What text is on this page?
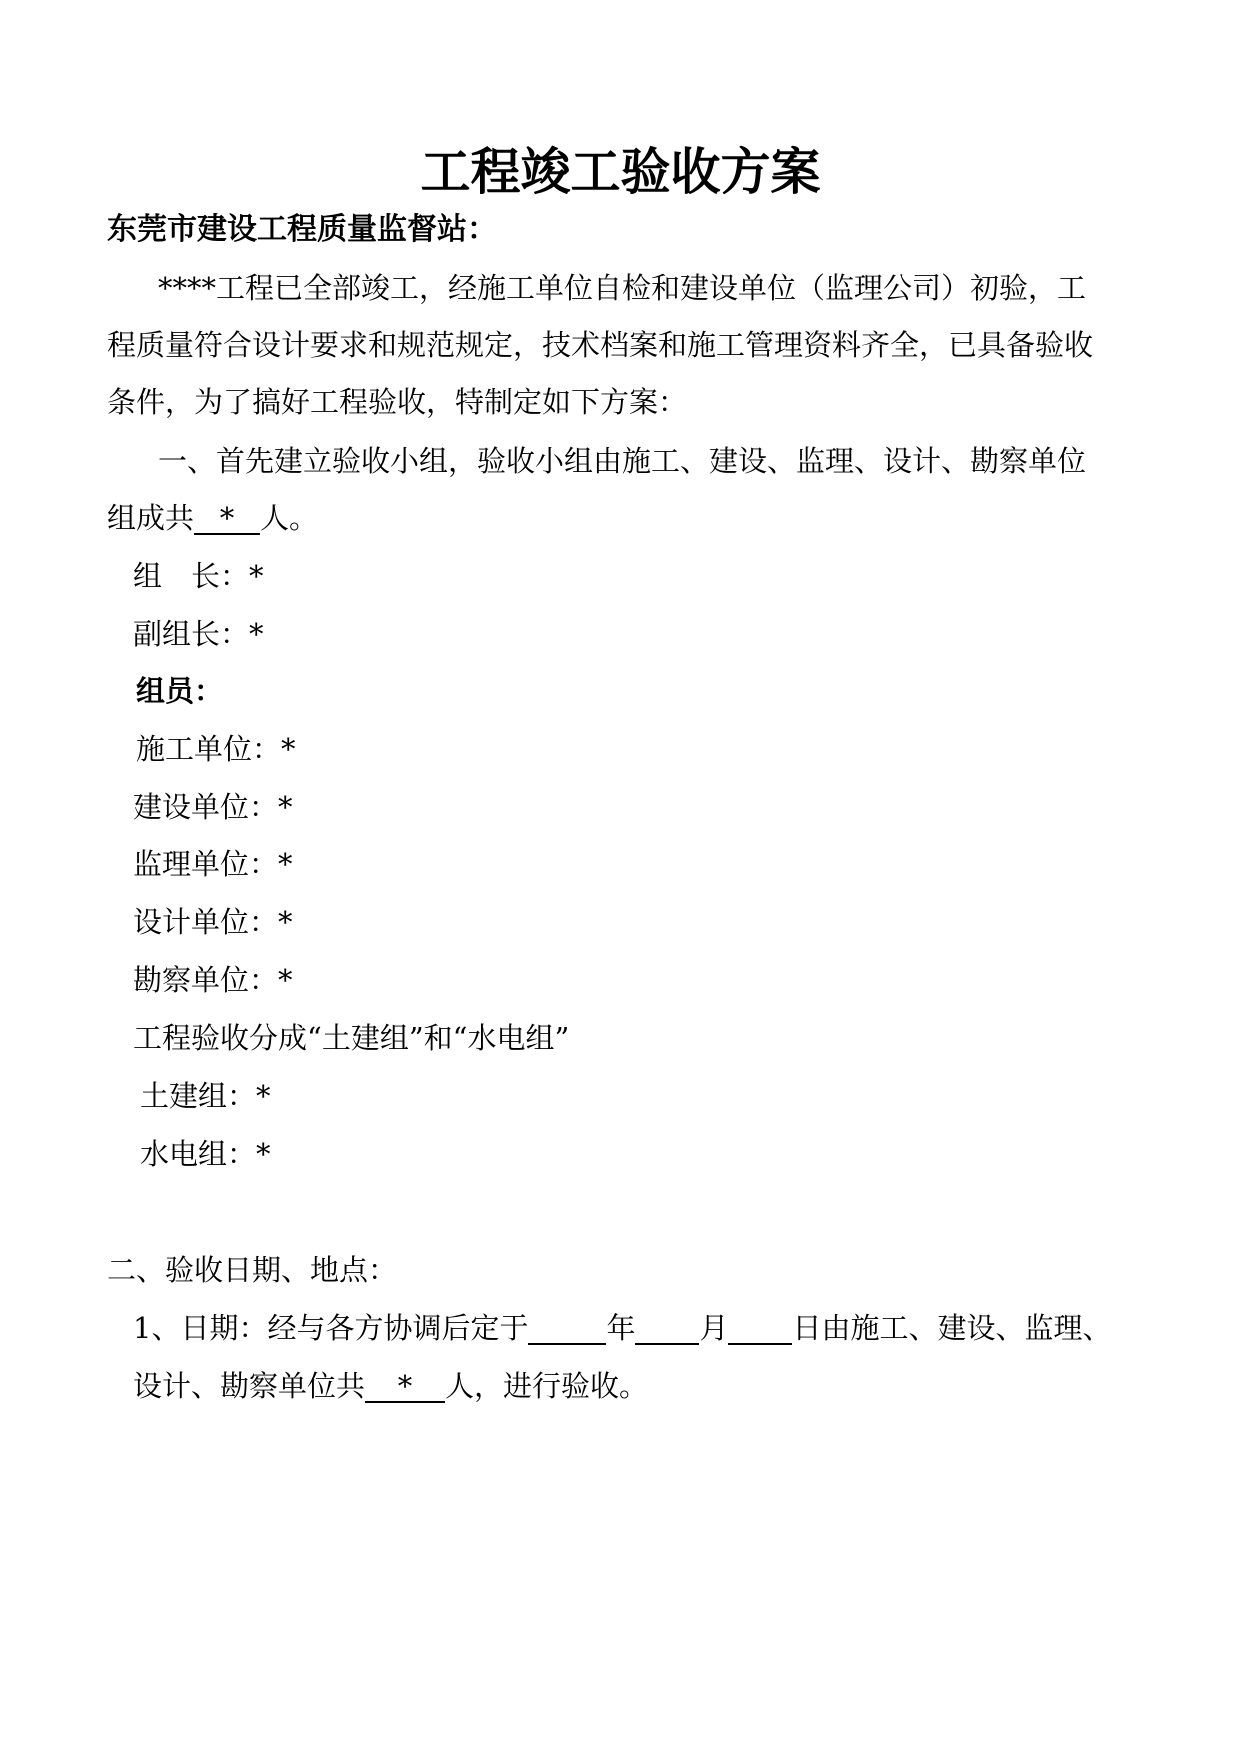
工程竣工验收方案
东莞市建设工程质量监督站：
****工程已全部竣工，经施工单位自检和建设单位（监理公司）初验，工
程质量符合设计要求和规范规定，技术档案和施工管理资料齐全，已具备验收
条件，为了搞好工程验收，特制定如下方案：
一、首先建立验收小组，验收小组由施工、建设、监理、设计、勘察单位
组成共 * 人。
组　长：*
副组长：*
组员：
施工单位：*
建设单位：*
监理单位：*
设计单位：*
勘察单位：*
工程验收分成“土建组”和“水电组”
土建组：*
水电组：*
二、验收日期、地点：
1、日期：经与各方协调后定于	年 月 日由施工、建设、监理、
设计、勘察单位共 * 人，进行验收。
